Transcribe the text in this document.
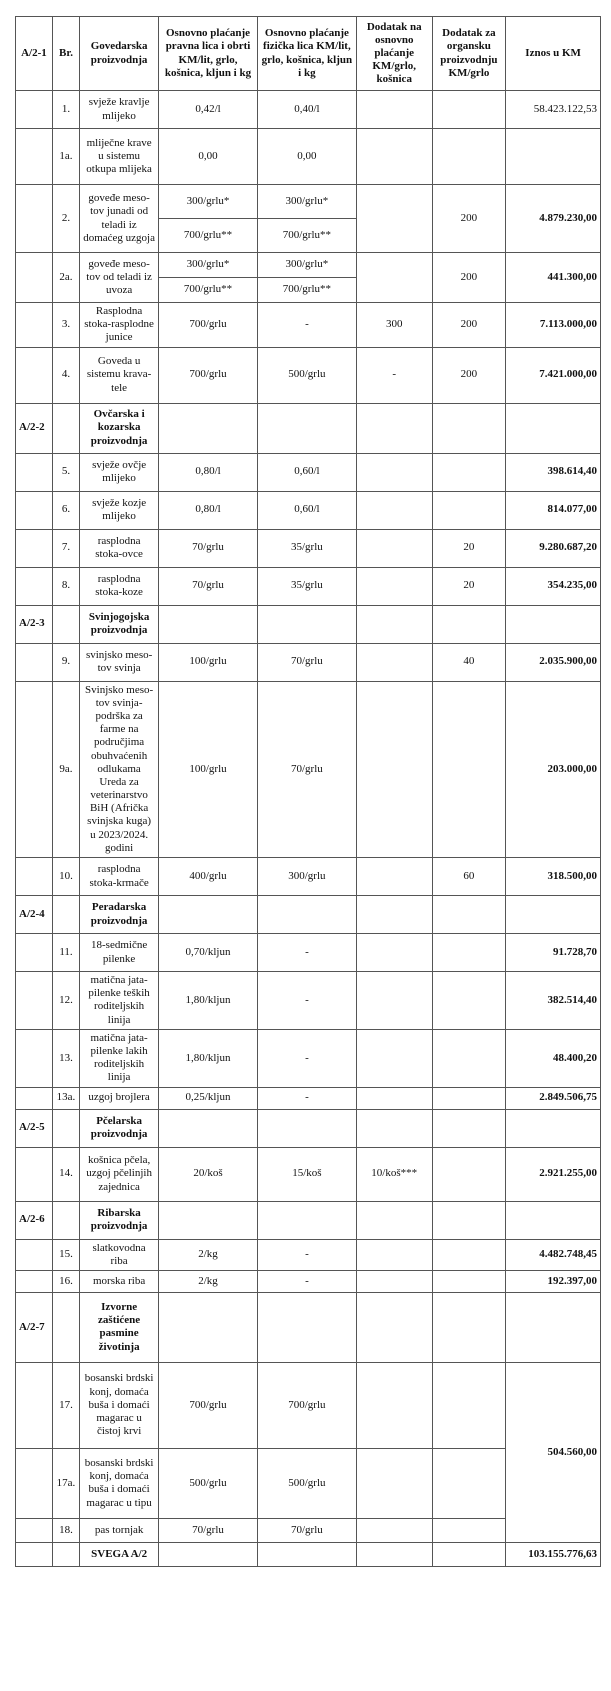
A/2-1	Br.	Govedarska proizvodnja	Osnovno plaćanje pravna lica i obrti KM/lit, grlo, košnica, kljun i kg	Osnovno plaćanje fizička lica KM/lit, grlo, košnica, kljun i kg	Dodatak na osnovno plaćanje KM/grlo, košnica	Dodatak za organsku proizvodnju KM/grlo	Iznos u KM
	1.	svježe kravlje mlijeko	0,42/l	0,40/l			58.423.122,53
	1a.	mliječne krave u sistemu otkupa mlijeka	0,00	0,00			
	2.	goveđe meso-tov junadi od teladi iz domaćeg uzgoja	300/grlu*	300/grlu*		200	4.879.230,00
			700/grlu**	700/grlu**			
	2a.	goveđe meso-tov od teladi iz uvoza	300/grlu*	300/grlu*		200	441.300,00
			700/grlu**	700/grlu**			
	3.	Rasplodna stoka-rasplodne junice	700/grlu	-	300	200	7.113.000,00
	4.	Goveda u sistemu krava-tele	700/grlu	500/grlu	-	200	7.421.000,00
A/2-2		Ovčarska i kozarska proizvodnja					
	5.	svježe ovčje mlijeko	0,80/l	0,60/l			398.614,40
	6.	svježe kozje mlijeko	0,80/l	0,60/l			814.077,00
	7.	rasplodna stoka-ovce	70/grlu	35/grlu		20	9.280.687,20
	8.	rasplodna stoka-koze	70/grlu	35/grlu		20	354.235,00
A/2-3		Svinjogojska proizvodnja					
	9.	svinjsko meso-tov svinja	100/grlu	70/grlu		40	2.035.900,00
	9a.	Svinjsko meso-tov svinja-podrška za farme na područjima obuhvaćenih odlukama Ureda za veterinarstvo BiH (Afrička svinjska kuga) u 2023/2024. godini	100/grlu	70/grlu			203.000,00
	10.	rasplodna stoka-krmače	400/grlu	300/grlu		60	318.500,00
A/2-4		Peradarska proizvodnja					
	11.	18-sedmične pilenke	0,70/kljun	-			91.728,70
	12.	matična jata-pilenke teških roditeljskih linija	1,80/kljun	-			382.514,40
	13.	matična jata-pilenke lakih roditeljskih linija	1,80/kljun	-			48.400,20
	13a.	uzgoj brojlera	0,25/kljun	-			2.849.506,75
A/2-5		Pčelarska proizvodnja					
	14.	košnica pčela, uzgoj pčelinjih zajednica	20/koš	15/koš	10/koš***		2.921.255,00
A/2-6		Ribarska proizvodnja					
	15.	slatkovodna riba	2/kg	-			4.482.748,45
	16.	morska riba	2/kg	-			192.397,00
A/2-7		Izvorne zaštićene pasmine životinja					
	17.	bosanski brdski konj, domaća buša i domaći magarac u čistoj krvi	700/grlu	700/grlu			504.560,00
	17a.	bosanski brdski konj, domaća buša i domaći magarac u tipu	500/grlu	500/grlu			
	18.	pas tornjak	70/grlu	70/grlu			
		SVEGA A/2					103.155.776,63
